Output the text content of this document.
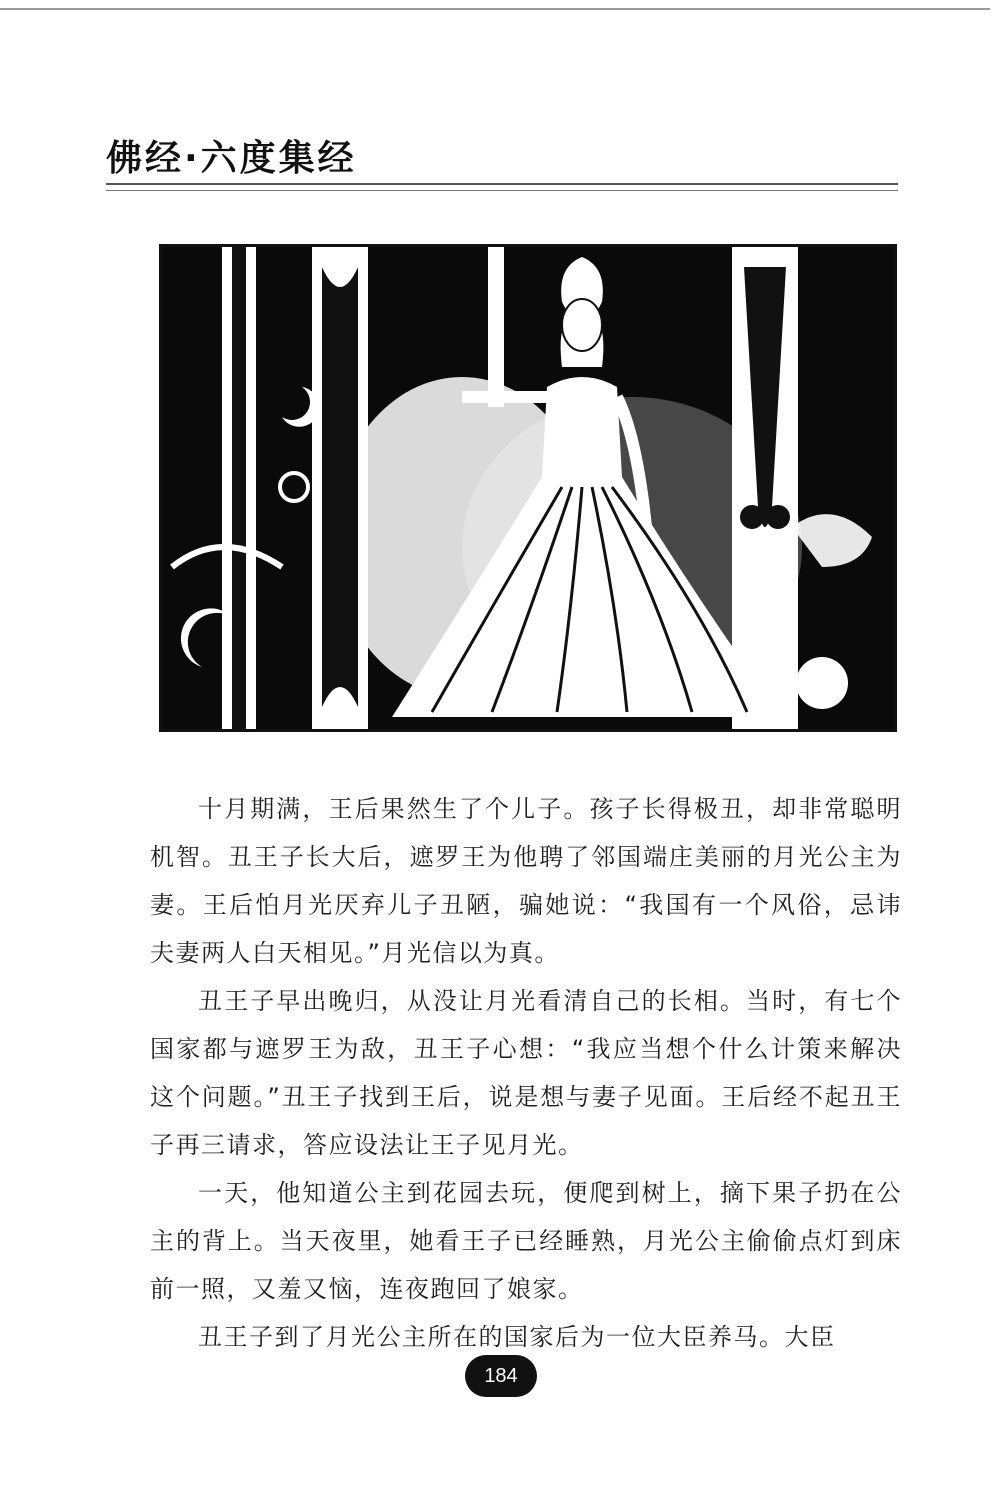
佛经·六度集经

十月期满，王后果然生了个儿子。孩子长得极丑，却非常聪明机智。丑王子长大后，遮罗王为他聘了邻国端庄美丽的月光公主为妻。王后怕月光厌弃儿子丑陋，骗她说：“我国有一个风俗，忌讳夫妻两人白天相见。”月光信以为真。

丑王子早出晚归，从没让月光看清自己的长相。当时，有七个国家都与遮罗王为敌，丑王子心想：“我应当想个什么计策来解决这个问题。”丑王子找到王后，说是想与妻子见面。王后经不起丑王子再三请求，答应设法让王子见月光。

一天，他知道公主到花园去玩，便爬到树上，摘下果子扔在公主的背上。当天夜里，她看王子已经睡熟，月光公主偷偷点灯到床前一照，又羞又恼，连夜跑回了娘家。

丑王子到了月光公主所在的国家后为一位大臣养马。大臣

184
